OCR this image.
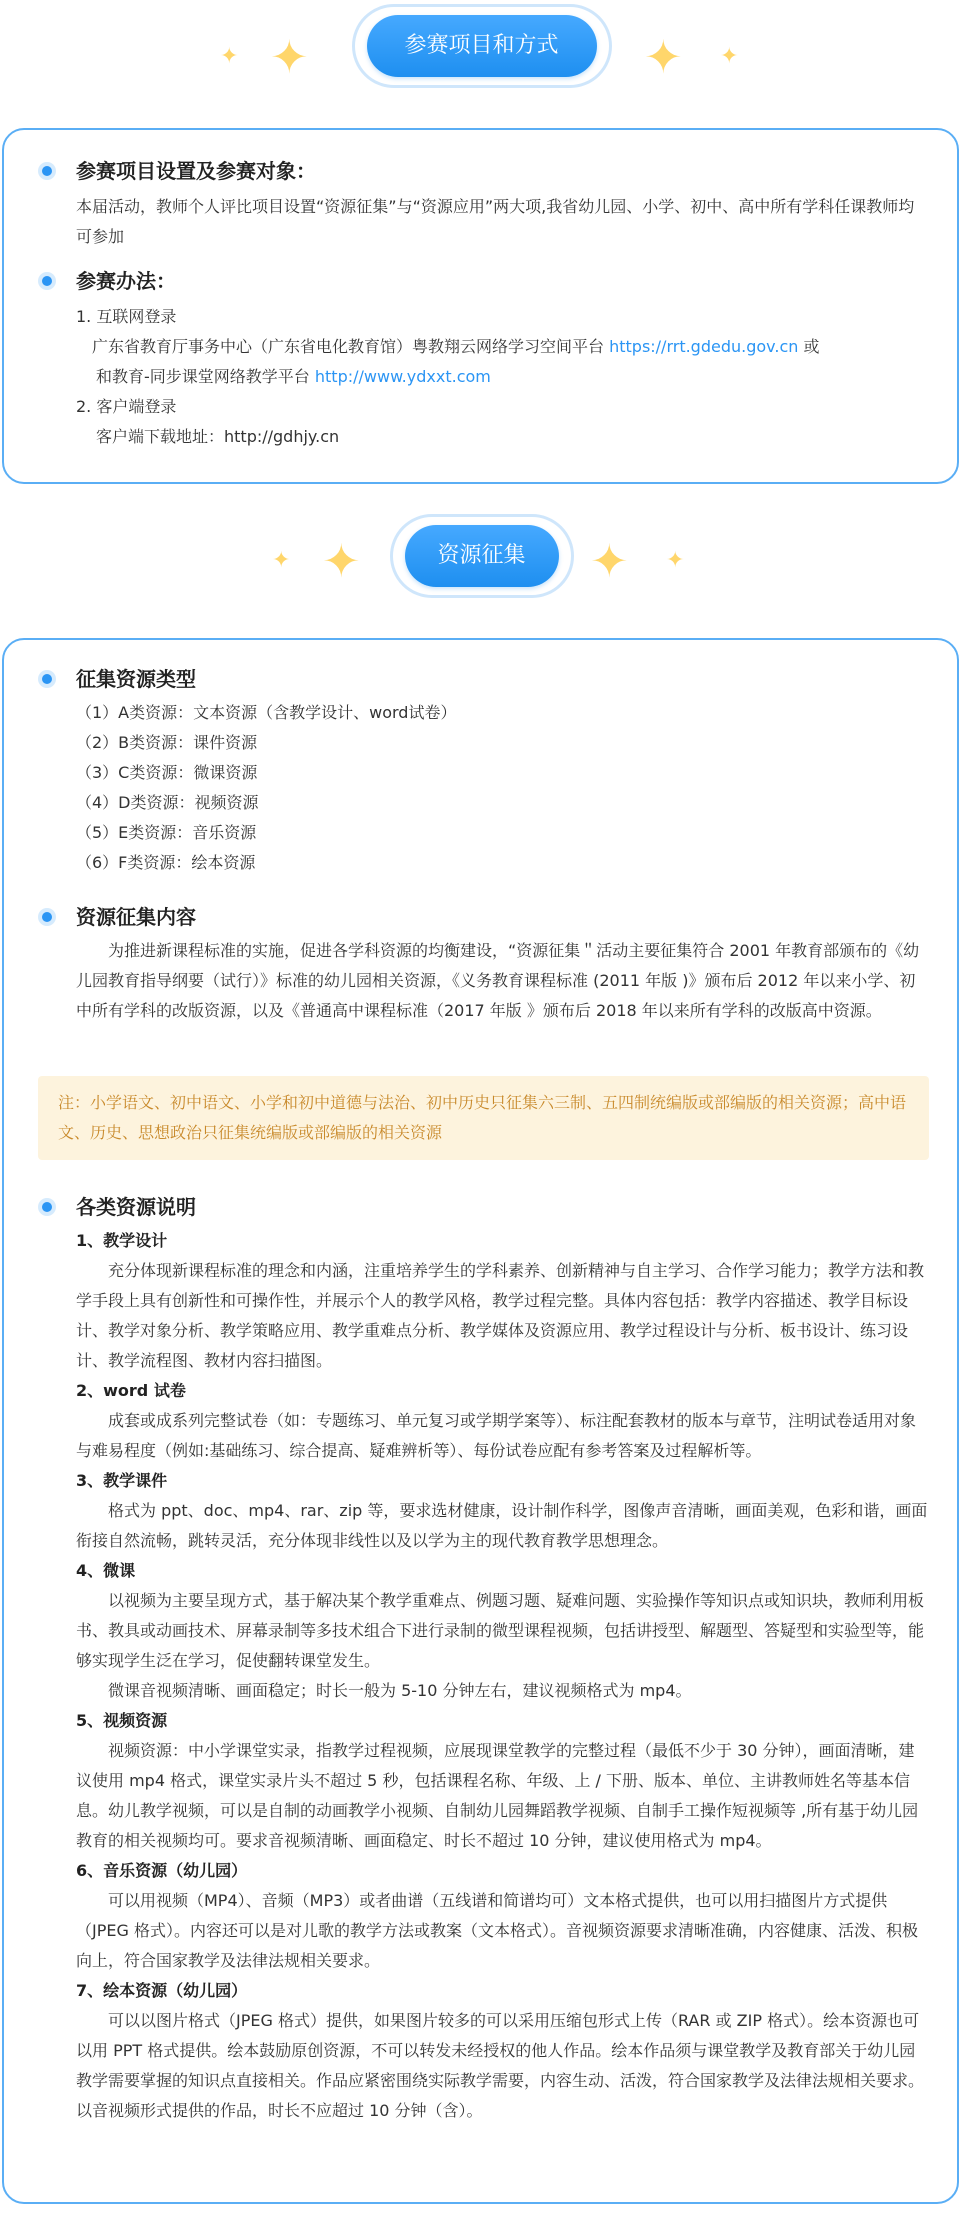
✦ ✦	参赛项目和方式	✦ ✦
参赛项目设置及参赛对象：
本届活动，教师个人评比项目设置“资源征集”与“资源应用”两大项,我省幼儿园、小学、初中、高中所有学科任课教师均可参加
参赛办法：
1. 互联网登录
广东省教育厅事务中心（广东省电化教育馆）粤教翔云网络学习空间平台 https://rrt.gdedu.gov.cn 或
和教育-同步课堂网络教学平台 http://www.ydxxt.com
2. 客户端登录
客户端下载地址：http://gdhjy.cn
✦ ✦	资源征集	✦ ✦
征集资源类型
（1）A类资源：文本资源（含教学设计、word试卷）
（2）B类资源：课件资源
（3）C类资源：微课资源
（4）D类资源：视频资源
（5）E类资源：音乐资源
（6）F类资源：绘本资源
资源征集内容
为推进新课程标准的实施，促进各学科资源的均衡建设，“资源征集＂活动主要征集符合 2001 年教育部颁布的《幼儿园教育指导纲要（试行）》标准的幼儿园相关资源，《义务教育课程标准 (2011 年版 )》颁布后 2012 年以来小学、初中所有学科的改版资源，以及《普通高中课程标准（2017 年版 》颁布后 2018 年以来所有学科的改版高中资源。
注：小学语文、初中语文、小学和初中道德与法治、初中历史只征集六三制、五四制统编版或部编版的相关资源；高中语文、历史、思想政治只征集统编版或部编版的相关资源
各类资源说明
1、教学设计
充分体现新课程标准的理念和内涵，注重培养学生的学科素养、创新精神与自主学习、合作学习能力；教学方法和教学手段上具有创新性和可操作性，并展示个人的教学风格，教学过程完整。具体内容包括：教学内容描述、教学目标设计、教学对象分析、教学策略应用、教学重难点分析、教学媒体及资源应用、教学过程设计与分析、板书设计、练习设计、教学流程图、教材内容扫描图。
2、word 试卷
成套或成系列完整试卷（如：专题练习、单元复习或学期学案等）、标注配套教材的版本与章节，注明试卷适用对象与难易程度（例如:基础练习、综合提高、疑难辨析等）、每份试卷应配有参考答案及过程解析等。
3、教学课件
格式为 ppt、doc、mp4、rar、zip 等，要求选材健康，设计制作科学，图像声音清晰，画面美观，色彩和谐，画面衔接自然流畅，跳转灵活，充分体现非线性以及以学为主的现代教育教学思想理念。
4、微课
以视频为主要呈现方式，基于解决某个教学重难点、例题习题、疑难问题、实验操作等知识点或知识块，教师利用板书、教具或动画技术、屏幕录制等多技术组合下进行录制的微型课程视频，包括讲授型、解题型、答疑型和实验型等，能够实现学生泛在学习，促使翻转课堂发生。
微课音视频清晰、画面稳定；时长一般为 5-10 分钟左右，建议视频格式为 mp4。
5、视频资源
视频资源：中小学课堂实录，指教学过程视频，应展现课堂教学的完整过程（最低不少于 30 分钟），画面清晰，建议使用 mp4 格式，课堂实录片头不超过 5 秒，包括课程名称、年级、上 / 下册、版本、单位、主讲教师姓名等基本信息。幼儿教学视频，可以是自制的动画教学小视频、自制幼儿园舞蹈教学视频、自制手工操作短视频等 ,所有基于幼儿园教育的相关视频均可。要求音视频清晰、画面稳定、时长不超过 10 分钟，建议使用格式为 mp4。
6、音乐资源（幼儿园）
可以用视频（MP4）、音频（MP3）或者曲谱（五线谱和简谱均可）文本格式提供，也可以用扫描图片方式提供（JPEG 格式）。内容还可以是对儿歌的教学方法或教案（文本格式）。音视频资源要求清晰准确，内容健康、活泼、积极向上，符合国家教学及法律法规相关要求。
7、绘本资源（幼儿园）
可以以图片格式（JPEG 格式）提供，如果图片较多的可以采用压缩包形式上传（RAR 或 ZIP 格式）。绘本资源也可以用 PPT 格式提供。绘本鼓励原创资源，不可以转发未经授权的他人作品。绘本作品须与课堂教学及教育部关于幼儿园教学需要掌握的知识点直接相关。作品应紧密围绕实际教学需要，内容生动、活泼，符合国家教学及法律法规相关要求。以音视频形式提供的作品，时长不应超过 10 分钟（含）。
